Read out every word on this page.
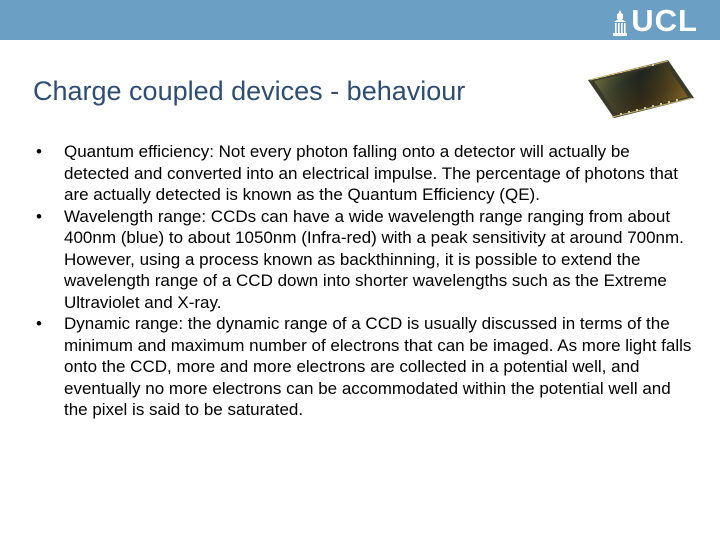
UCL
Charge coupled devices - behaviour
• Quantum efficiency: Not every photon falling onto a detector will actually be detected and converted into an electrical impulse. The percentage of photons that are actually detected is known as the Quantum Efficiency (QE).
• Wavelength range: CCDs can have a wide wavelength range ranging from about 400nm (blue) to about 1050nm (Infra-red) with a peak sensitivity at around 700nm. However, using a process known as backthinning, it is possible to extend the wavelength range of a CCD down into shorter wavelengths such as the Extreme Ultraviolet and X-ray.
• Dynamic range: the dynamic range of a CCD is usually discussed in terms of the minimum and maximum number of electrons that can be imaged. As more light falls onto the CCD, more and more electrons are collected in a potential well, and eventually no more electrons can be accommodated within the potential well and the pixel is said to be saturated.
